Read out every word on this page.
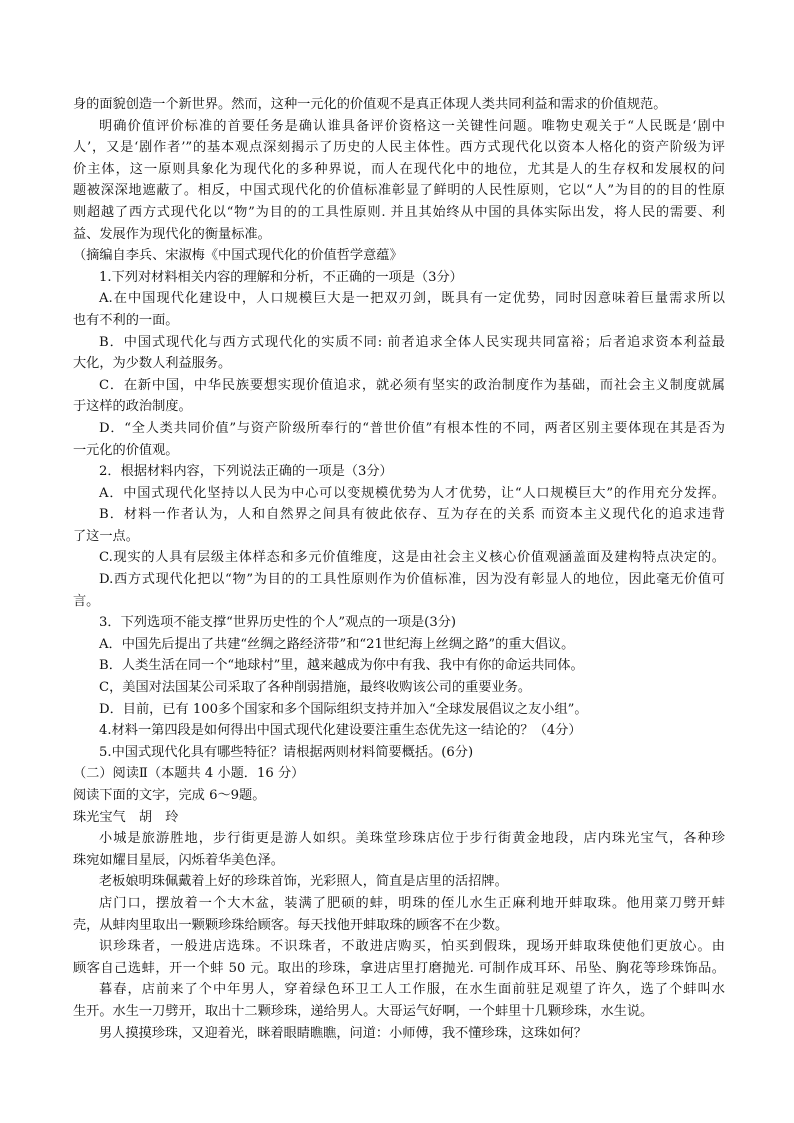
身的面貌创造一个新世界。然而，这种一元化的价值观不是真正体现人类共同利益和需求的价值规范。
明确价值评价标准的首要任务是确认谁具备评价资格这一关键性问题。唯物史观关于“人民既是‘剧中
人’，又是‘剧作者’”的基本观点深刻揭示了历史的人民主体性。西方式现代化以资本人格化的资产阶级为评
价主体，这一原则具象化为现代化的多种界说，而人在现代化中的地位，尤其是人的生存权和发展权的问
题被深深地遮蔽了。相反，中国式现代化的价值标准彰显了鲜明的人民性原则，它以“人”为目的的目的性原
则超越了西方式现代化以“物”为目的的工具性原则. 并且其始终从中国的具体实际出发，将人民的需要、利
益、发展作为现代化的衡量标准。
（摘编自李兵、宋淑梅《中国式现代化的价值哲学意蕴》
1.下列对材料相关内容的理解和分析，不正确的一项是（3分）
A.在中国现代化建设中，人口规模巨大是一把双刃剑，既具有一定优势，同时因意味着巨量需求所以
也有不利的一面。
B．中国式现代化与西方式现代化的实质不同: 前者追求全体人民实现共同富裕；后者追求资本利益最
大化，为少数人利益服务。
C．在新中国，中华民族要想实现价值追求，就必须有坚实的政治制度作为基础，而社会主义制度就属
于这样的政治制度。
D．“全人类共同价值”与资产阶级所奉行的“普世价值”有根本性的不同，两者区别主要体现在其是否为
一元化的价值观。
2．根据材料内容，下列说法正确的一项是（3分）
A．中国式现代化坚持以人民为中心可以变规模优势为人才优势，让“人口规模巨大”的作用充分发挥。
B．材料一作者认为，人和自然界之间具有彼此依存、互为存在的关系 而资本主义现代化的追求违背
了这一点。
C.现实的人具有层级主体样态和多元价值维度，这是由社会主义核心价值观涵盖面及建构特点决定的。
D.西方式现代化把以“物”为目的的工具性原则作为价值标准，因为没有彰显人的地位，因此毫无价值可
言。
3．下列选项不能支撑“世界历史性的个人”观点的一项是(3分)
A．中国先后提出了共建“丝绸之路经济带”和“21世纪海上丝绸之路”的重大倡议。
B．人类生活在同一个“地球村”里，越来越成为你中有我、我中有你的命运共同体。
C，美国对法国某公司采取了各种削弱措施，最终收购该公司的重要业务。
D．目前，已有 100多个国家和多个国际组织支持并加入“全球发展倡议之友小组”。
4.材料一第四段是如何得出中国式现代化建设要注重生态优先这一结论的？（4分）
5.中国式现代化具有哪些特征？请根据两则材料简要概括。(6分)
（二）阅读Ⅱ（本题共 4 小题．16 分）
阅读下面的文字，完成 6～9题。
珠光宝气　胡　玲
小城是旅游胜地，步行街更是游人如织。美珠堂珍珠店位于步行街黄金地段，店内珠光宝气，各种珍
珠宛如耀目星辰，闪烁着华美色泽。
老板娘明珠佩戴着上好的珍珠首饰，光彩照人，简直是店里的活招牌。
店门口，摆放着一个大木盆，装满了肥硕的蚌，明珠的侄儿水生正麻利地开蚌取珠。他用菜刀劈开蚌
壳，从蚌肉里取出一颗颗珍珠给顾客。每天找他开蚌取珠的顾客不在少数。
识珍珠者，一般进店选珠。不识珠者，不敢进店购买，怕买到假珠，现场开蚌取珠使他们更放心。由
顾客自己选蚌，开一个蚌 50 元。取出的珍珠，拿进店里打磨抛光. 可制作成耳环、吊坠、胸花等珍珠饰品。
暮春，店前来了个中年男人，穿着绿色环卫工人工作服，在水生面前驻足观望了许久，选了个蚌叫水
生开。水生一刀劈开，取出十二颗珍珠，递给男人。大哥运气好啊，一个蚌里十几颗珍珠，水生说。
男人摸摸珍珠，又迎着光，眯着眼睛瞧瞧，问道：小师傅，我不懂珍珠，这珠如何？
